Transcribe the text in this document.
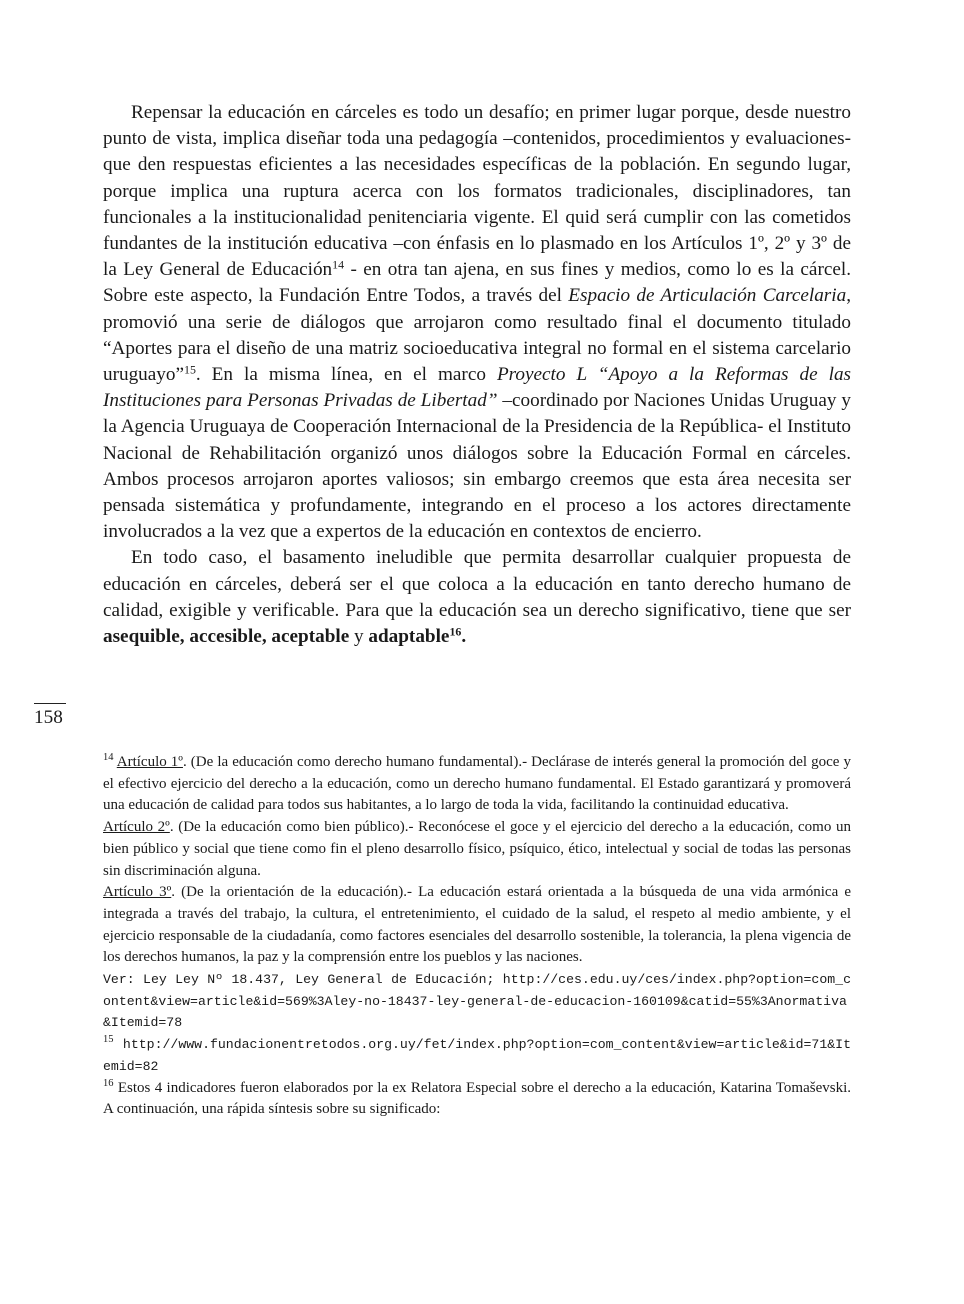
Repensar la educación en cárceles es todo un desafío; en primer lugar porque, desde nuestro punto de vista, implica diseñar toda una pedagogía –contenidos, procedimientos y evaluaciones- que den respuestas eficientes a las necesidades específicas de la población. En segundo lugar, porque implica una ruptura acerca con los formatos tradicionales, disciplinadores, tan funcionales a la institucionalidad penitenciaria vigente. El quid será cumplir con las cometidos fundantes de la institución educativa –con énfasis en lo plasmado en los Artículos 1º, 2º y 3º de la Ley General de Educación$^{14}$ - en otra tan ajena, en sus fines y medios, como lo es la cárcel. Sobre este aspecto, la Fundación Entre Todos, a través del Espacio de Articulación Carcelaria, promovió una serie de diálogos que arrojaron como resultado final el documento titulado “Aportes para el diseño de una matriz socioeducativa integral no formal en el sistema carcelario uruguayo”$^{15}$. En la misma línea, en el marco Proyecto L “Apoyo a la Reformas de las Instituciones para Personas Privadas de Libertad” –coordinado por Naciones Unidas Uruguay y la Agencia Uruguaya de Cooperación Internacional de la Presidencia de la República- el Instituto Nacional de Rehabilitación organizó unos diálogos sobre la Educación Formal en cárceles. Ambos procesos arrojaron aportes valiosos; sin embargo creemos que esta área necesita ser pensada sistemática y profundamente, integrando en el proceso a los actores directamente involucrados a la vez que a expertos de la educación en contextos de encierro.

En todo caso, el basamento ineludible que permita desarrollar cualquier propuesta de educación en cárceles, deberá ser el que coloca a la educación en tanto derecho humano de calidad, exigible y verificable. Para que la educación sea un derecho significativo, tiene que ser asequible, accesible, aceptable y adaptable$^{16}$.

158

$^{14}$ Artículo 1º. (De la educación como derecho humano fundamental).- Declárase de interés general la promoción del goce y el efectivo ejercicio del derecho a la educación, como un derecho humano fundamental. El Estado garantizará y promoverá una educación de calidad para todos sus habitantes, a lo largo de toda la vida, facilitando la continuidad educativa.

Artículo 2º. (De la educación como bien público).- Reconócese el goce y el ejercicio del derecho a la educación, como un bien público y social que tiene como fin el pleno desarrollo físico, psíquico, ético, intelectual y social de todas las personas sin discriminación alguna.

Artículo 3º. (De la orientación de la educación).- La educación estará orientada a la búsqueda de una vida armónica e integrada a través del trabajo, la cultura, el entretenimiento, el cuidado de la salud, el respeto al medio ambiente, y el ejercicio responsable de la ciudadanía, como factores esenciales del desarrollo sostenible, la tolerancia, la plena vigencia de los derechos humanos, la paz y la comprensión entre los pueblos y las naciones.

Ver: Ley Ley Nº 18.437, Ley General de Educación; http://ces.edu.uy/ces/index.php?option=com_content&view=article&id=569%3Aley-no-18437-ley-general-de-educacion-160109&catid=55%3Anormativa&Itemid=78

$^{15}$ http://www.fundacionentretodos.org.uy/fet/index.php?option=com_content&view=article&id=71&Itemid=82

$^{16}$ Estos 4 indicadores fueron elaborados por la ex Relatora Especial sobre el derecho a la educación, Katarina Tomaševski. A continuación, una rápida síntesis sobre su significado:
